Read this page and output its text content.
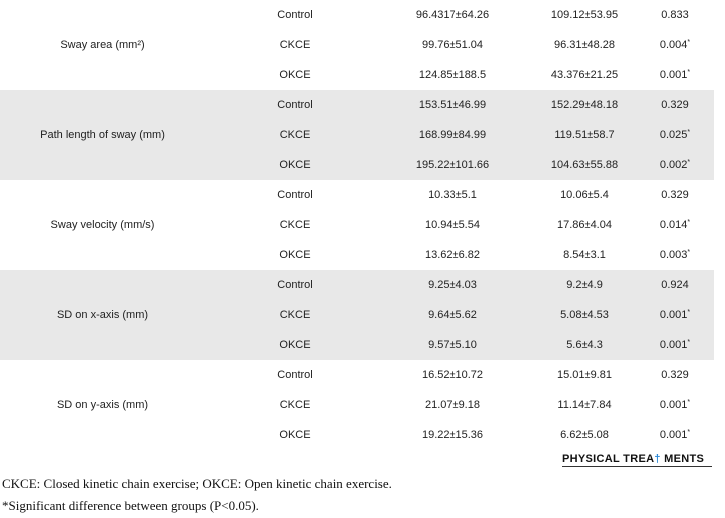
Sway area (mm²)
Control	96.4317±64.26	109.12±53.95	0.833
CKCE	99.76±51.04	96.31±48.28	0.004*
OKCE	124.85±188.5	43.376±21.25	0.001*
Path length of sway (mm)
Control	153.51±46.99	152.29±48.18	0.329
CKCE	168.99±84.99	119.51±58.7	0.025*
OKCE	195.22±101.66	104.63±55.88	0.002*
Sway velocity (mm/s)
Control	10.33±5.1	10.06±5.4	0.329
CKCE	10.94±5.54	17.86±4.04	0.014*
OKCE	13.62±6.82	8.54±3.1	0.003*
SD on x-axis (mm)
Control	9.25±4.03	9.2±4.9	0.924
CKCE	9.64±5.62	5.08±4.53	0.001*
OKCE	9.57±5.10	5.6±4.3	0.001*
SD on y-axis (mm)
Control	16.52±10.72	15.01±9.81	0.329
CKCE	21.07±9.18	11.14±7.84	0.001*
OKCE	19.22±15.36	6.62±5.08	0.001*
PHYSICAL TREA† MENTS
CKCE: Closed kinetic chain exercise; OKCE: Open kinetic chain exercise.
*Significant difference between groups (P<0.05).
